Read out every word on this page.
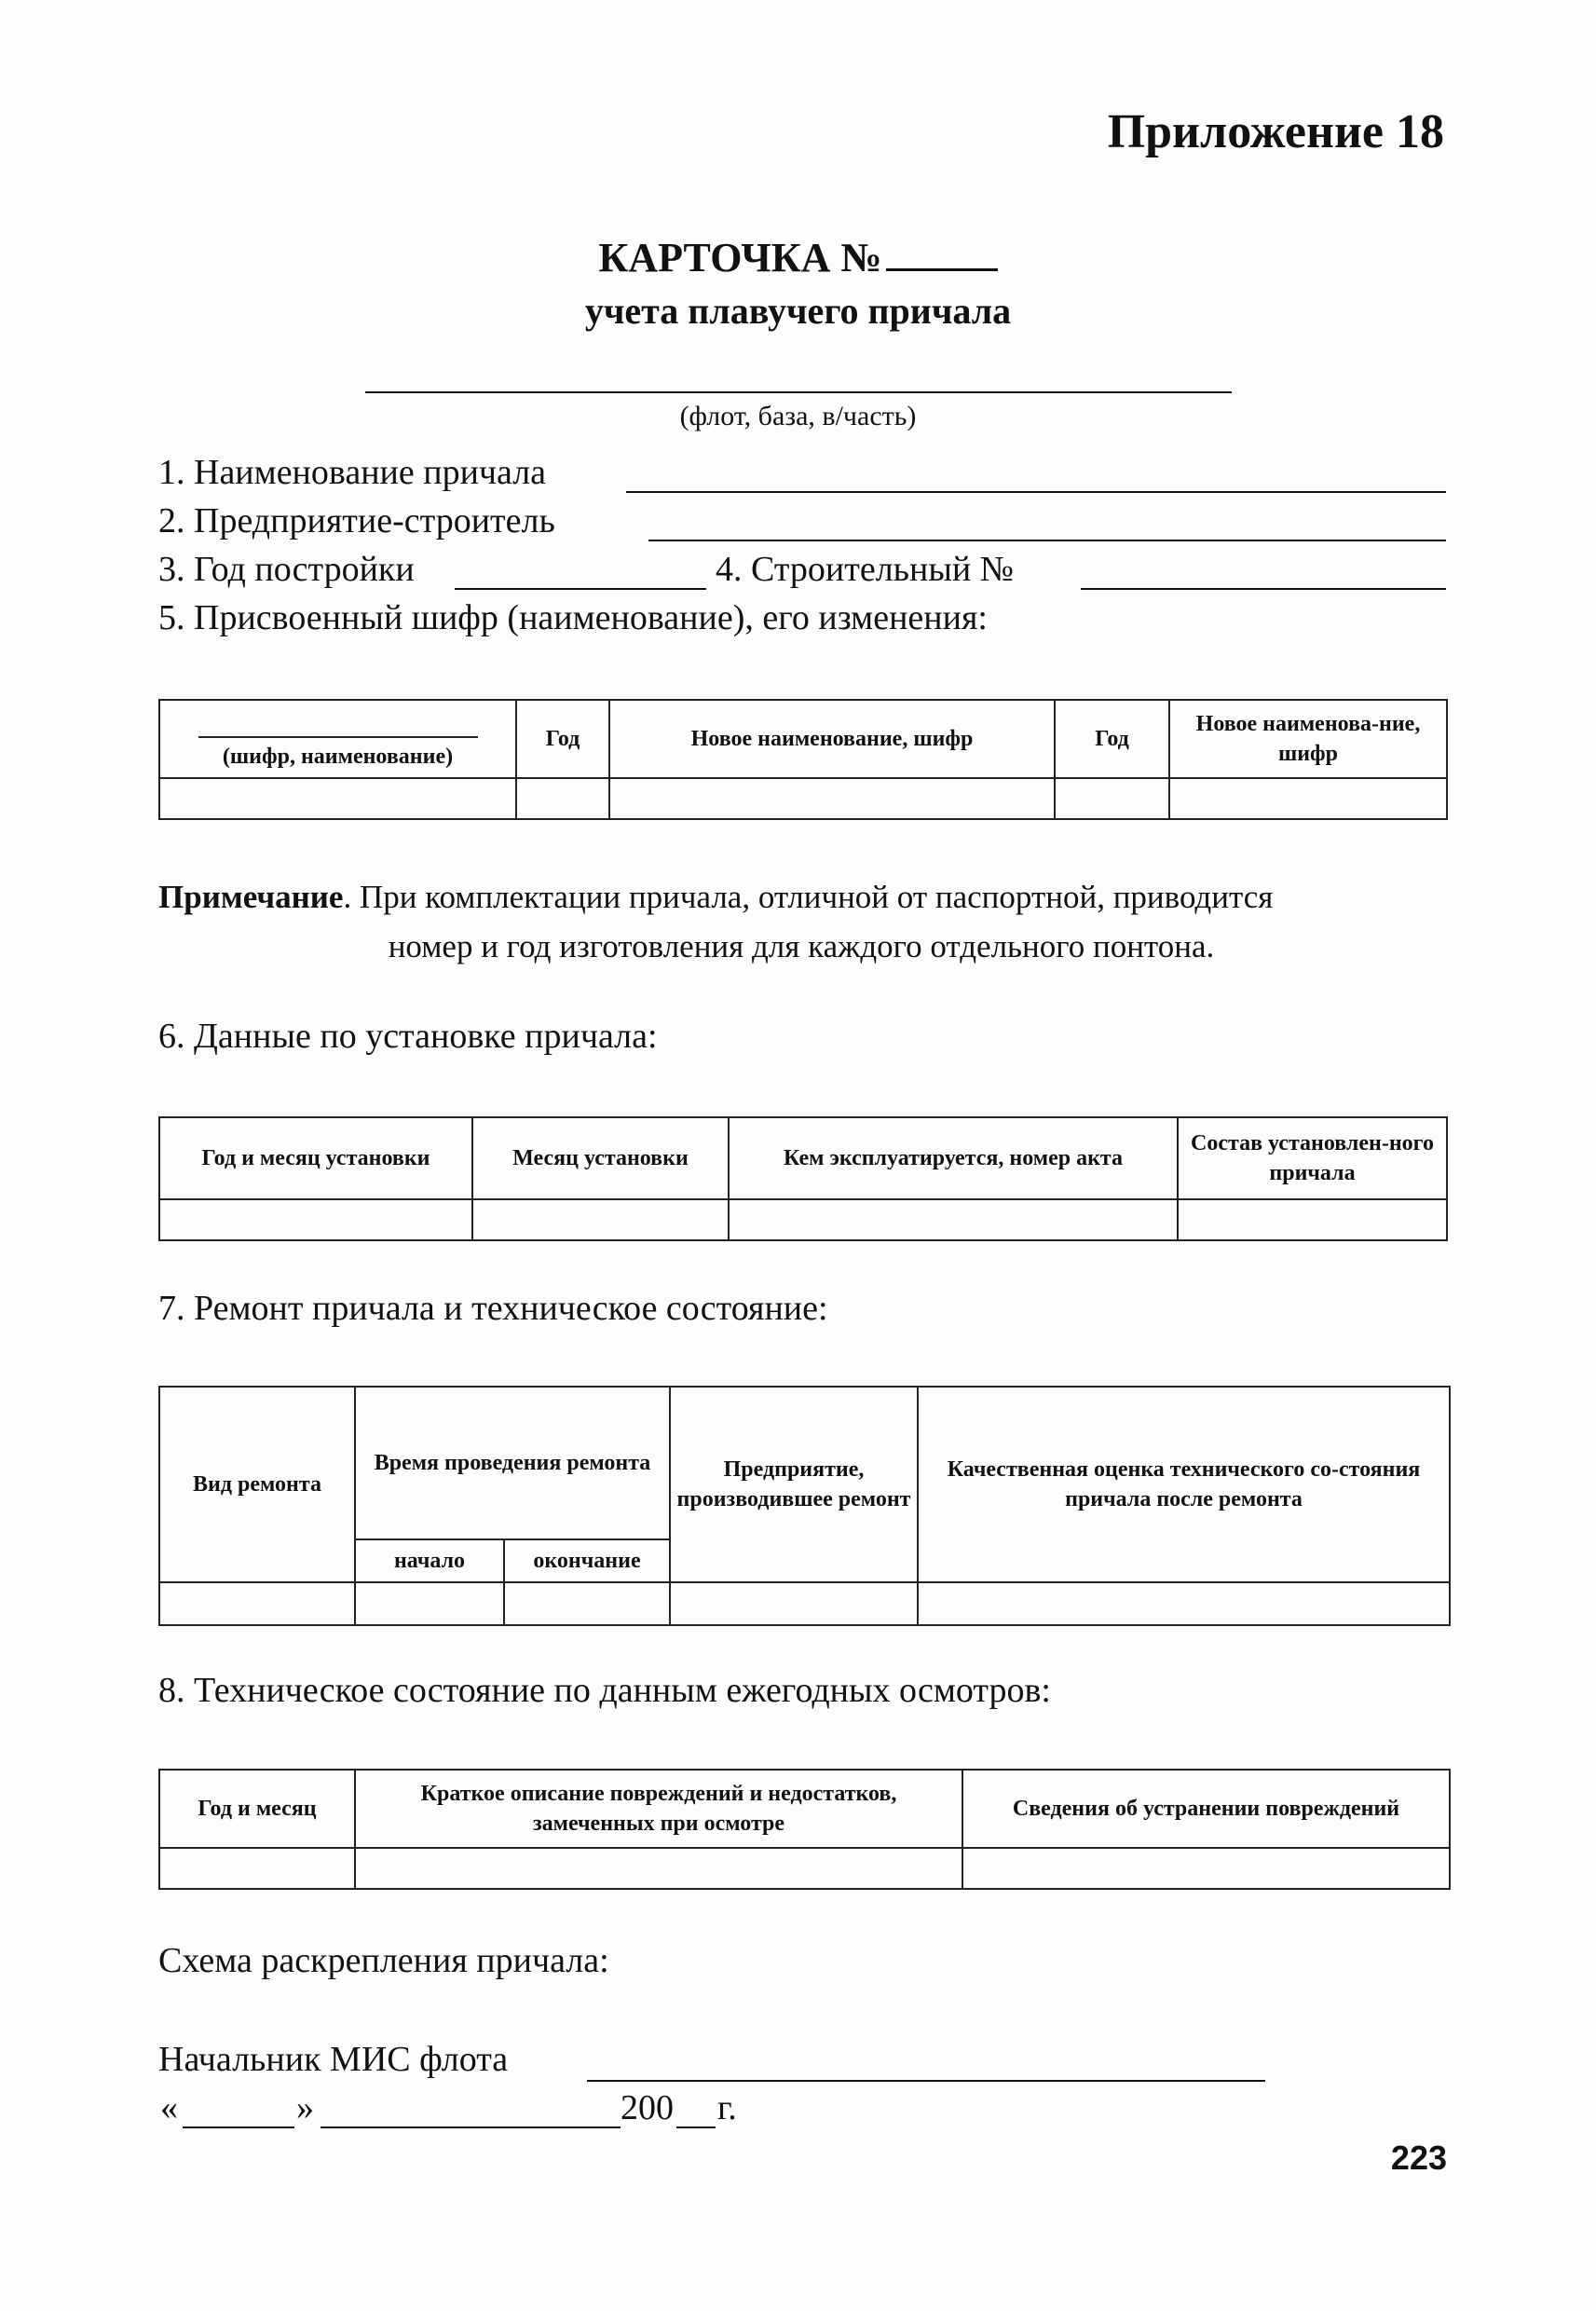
Приложение 18
КАРТОЧКА №
учета плавучего причала
(флот, база, в/часть)
1. Наименование причала
2. Предприятие-строитель
3. Год постройки	4. Строительный №
5. Присвоенный шифр (наименование), его изменения:
(шифр, наименование)	Год	Новое наименование, шифр	Год	Новое наименова-ние, шифр

Примечание. При комплектации причала, отличной от паспортной, приводится
номер и год изготовления для каждого отдельного понтона.
6. Данные по установке причала:
Год и месяц установки	Месяц установки	Кем эксплуатируется, номер акта	Состав установлен-ного причала

7. Ремонт причала и техническое состояние:
Вид ремонта	Время проведения ремонта		Предприятие, производившее ремонт	Качественная оценка технического со-стояния причала после ремонта
	начало	окончание		

8. Техническое состояние по данным ежегодных осмотров:
Год и месяц	Краткое описание повреждений и недостатков, замеченных при осмотре	Сведения об устранении повреждений

Схема раскрепления причала:
Начальник МИС флота
«	»	200 г.
223
